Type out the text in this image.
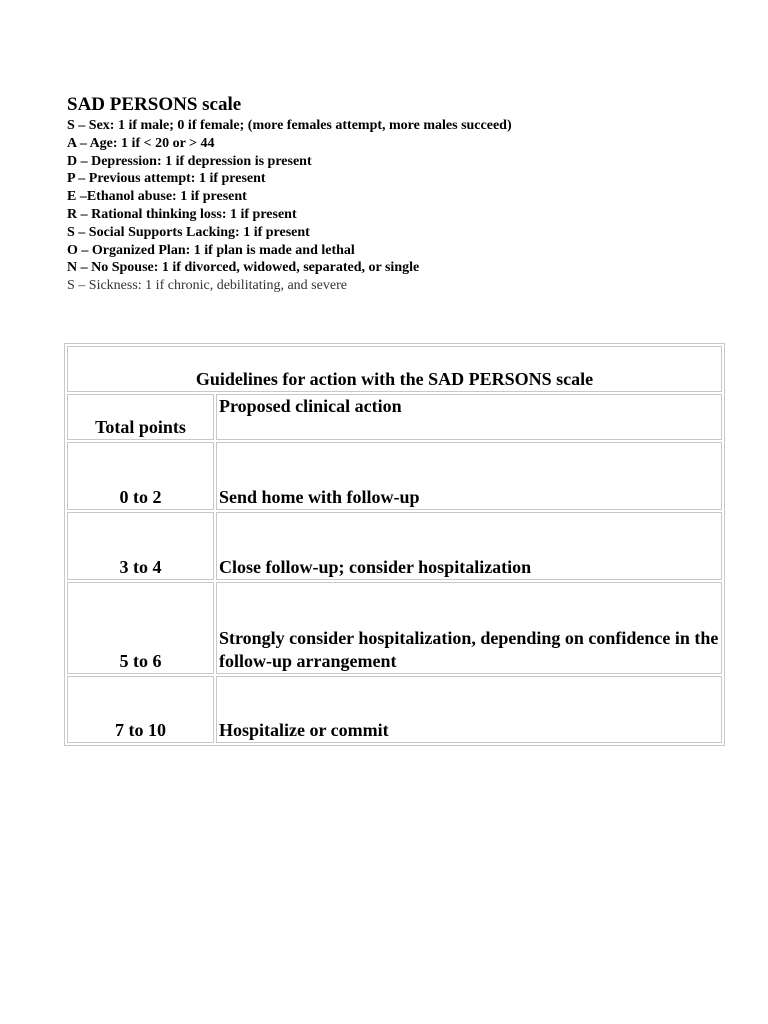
SAD PERSONS scale
S – Sex: 1 if male; 0 if female; (more females attempt, more males succeed)
A – Age: 1 if < 20 or > 44
D – Depression: 1 if depression is present
P – Previous attempt: 1 if present
E –Ethanol abuse: 1 if present
R – Rational thinking loss: 1 if present
S – Social Supports Lacking: 1 if present
O – Organized Plan: 1 if plan is made and lethal
N – No Spouse: 1 if divorced, widowed, separated, or single
S – Sickness: 1 if chronic, debilitating, and severe
Guidelines for action with the SAD PERSONS scale	
Total points	Proposed clinical action
0 to 2	Send home with follow-up
3 to 4	Close follow-up; consider hospitalization
5 to 6	Strongly consider hospitalization, depending on confidence in the follow-up arrangement
7 to 10	Hospitalize or commit
